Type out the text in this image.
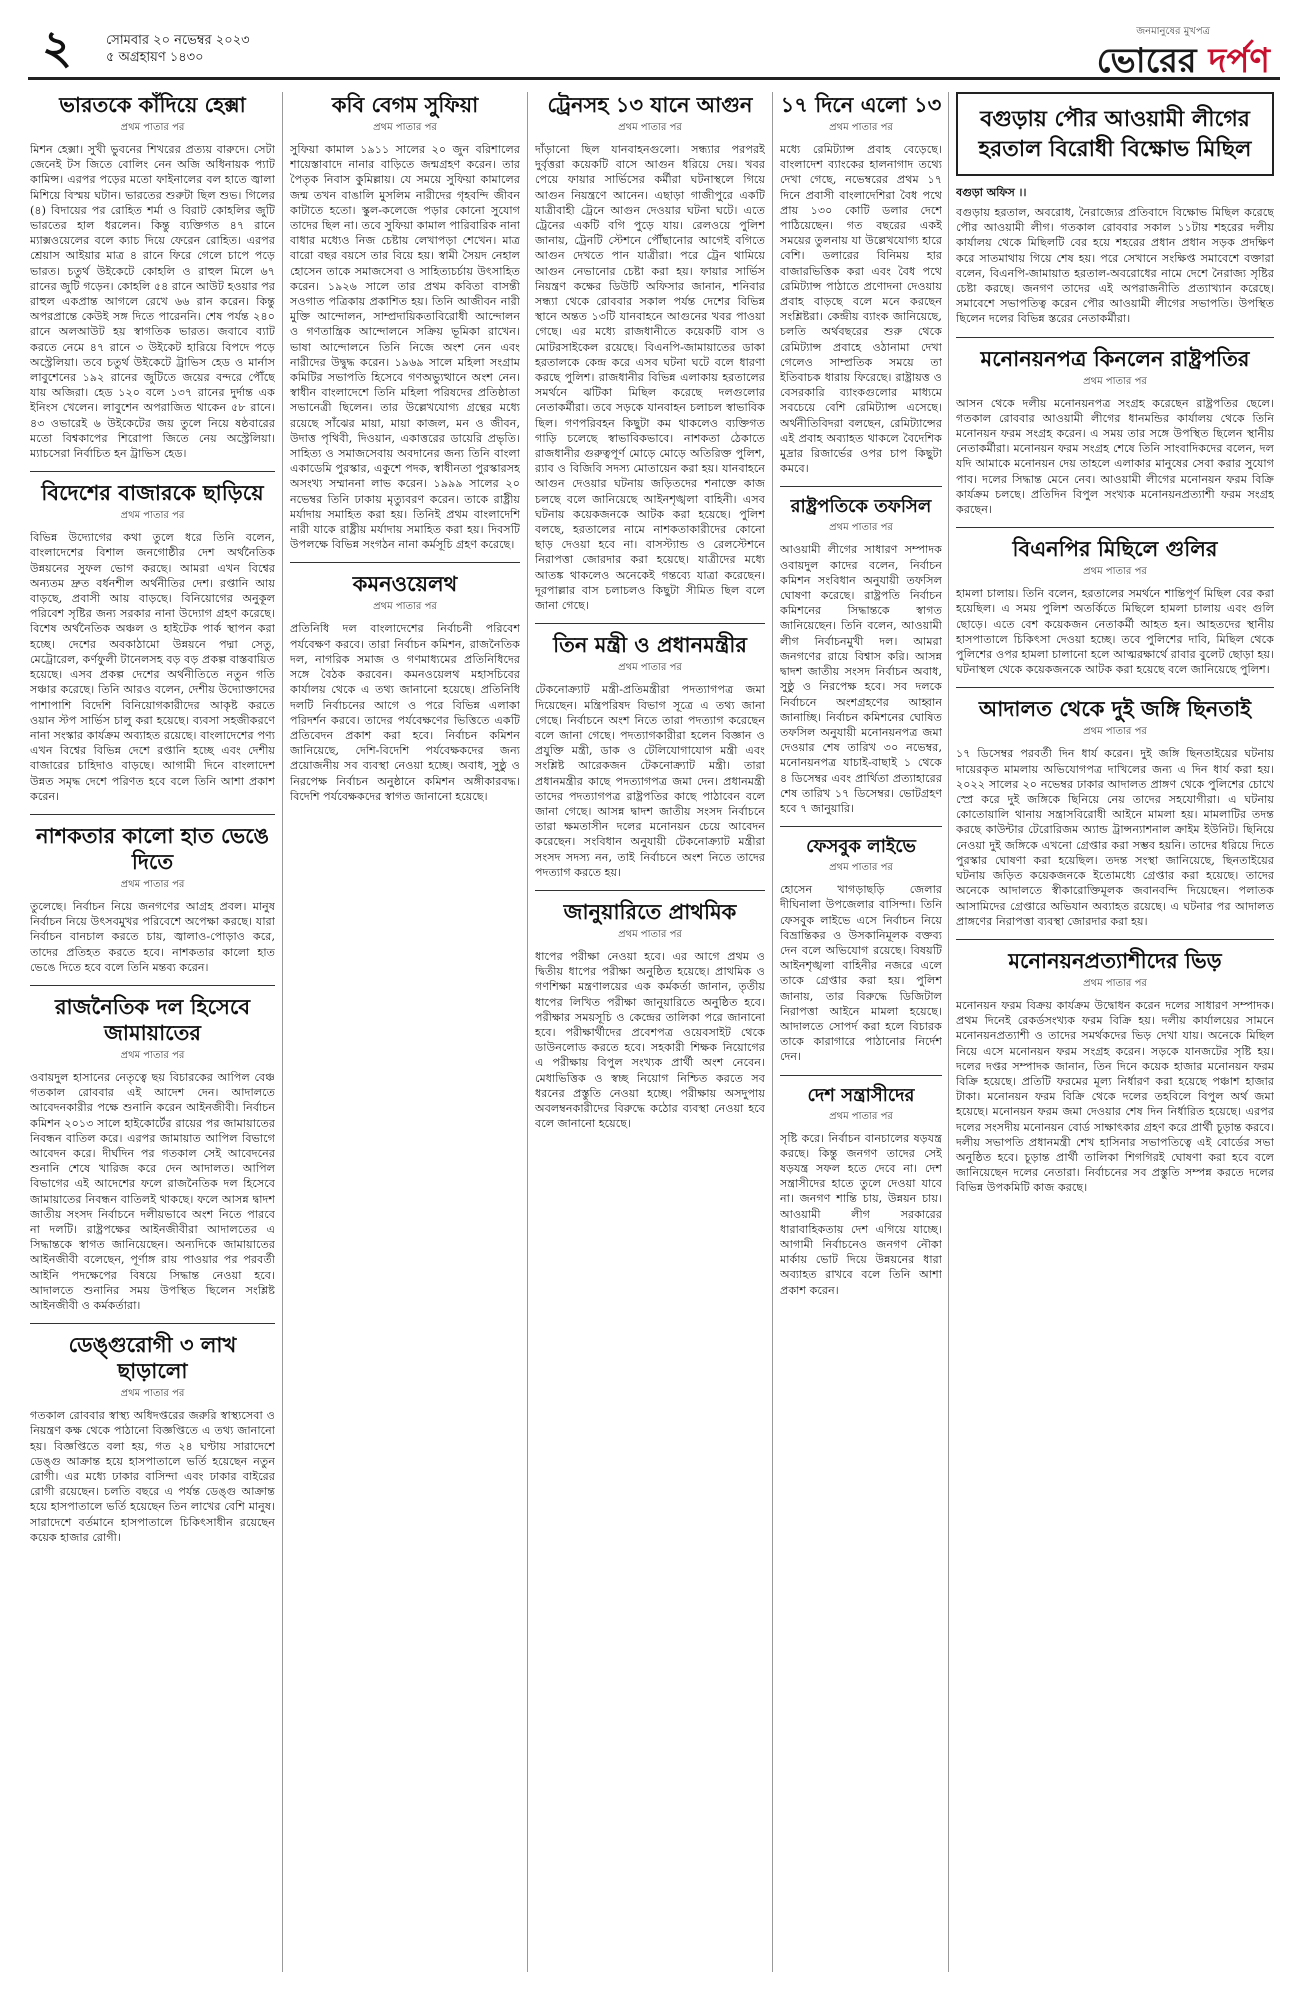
২	সোমবার ২০ নভেম্বর ২০২৩
৫ অগ্রহায়ণ ১৪৩০
জনমানুষের মুখপত্র
ভোরের দর্পণ
ভারতকে কাঁদিয়ে হেক্সা
প্রথম পাতার পর

মিশন হেক্সা। সুখী ভুবনের শিখরের প্রত্যয় বারুদে। সেটা জেনেই টস জিতে বোলিং নেন অজি অধিনায়ক প্যাট কামিন্স। এরপর পড়ের মতো ফাইনালের বল হাতে জ্বালা মিশিয়ে বিস্ময় ঘটান। ভারতের শুরুটা ছিল শুভ। গিলের (৪) বিদায়ের পর রোহিত শর্মা ও বিরাট কোহলির জুটি ভারতের হাল ধরলেন। কিন্তু ব্যক্তিগত ৪৭ রানে ম্যাক্সওয়েলের বলে ক্যাচ দিয়ে ফেরেন রোহিত। এরপর শ্রেয়াস আইয়ার মাত্র ৪ রানে ফিরে গেলে চাপে পড়ে ভারত। চতুর্থ উইকেটে কোহলি ও রাহুল মিলে ৬৭ রানের জুটি গড়েন। কোহলি ৫৪ রানে আউট হওয়ার পর রাহুল একপ্রান্ত আগলে রেখে ৬৬ রান করেন। কিন্তু অপরপ্রান্তে কেউই সঙ্গ দিতে পারেননি। শেষ পর্যন্ত ২৪০ রানে অলআউট হয় স্বাগতিক ভারত। জবাবে ব্যাট করতে নেমে ৪৭ রানে ৩ উইকেট হারিয়ে বিপদে পড়ে অস্ট্রেলিয়া। তবে চতুর্থ উইকেটে ট্রাভিস হেড ও মার্নাস লাবুশেনের ১৯২ রানের জুটিতে জয়ের বন্দরে পৌঁছে যায় অজিরা। হেড ১২০ বলে ১৩৭ রানের দুর্দান্ত এক ইনিংস খেলেন। লাবুশেন অপরাজিত থাকেন ৫৮ রানে। ৪৩ ওভারেই ৬ উইকেটের জয় তুলে নিয়ে ষষ্ঠবারের মতো বিশ্বকাপের শিরোপা জিতে নেয় অস্ট্রেলিয়া। ম্যাচসেরা নির্বাচিত হন ট্রাভিস হেড।

বিদেশের বাজারকে ছাড়িয়ে
প্রথম পাতার পর

বিভিন্ন উদ্যোগের কথা তুলে ধরে তিনি বলেন, বাংলাদেশের বিশাল জনগোষ্ঠীর দেশ অর্থনৈতিক উন্নয়নের সুফল ভোগ করছে। আমরা এখন বিশ্বের অন্যতম দ্রুত বর্ধনশীল অর্থনীতির দেশ। রপ্তানি আয় বাড়ছে, প্রবাসী আয় বাড়ছে। বিনিয়োগের অনুকূল পরিবেশ সৃষ্টির জন্য সরকার নানা উদ্যোগ গ্রহণ করেছে। বিশেষ অর্থনৈতিক অঞ্চল ও হাইটেক পার্ক স্থাপন করা হচ্ছে। দেশের অবকাঠামো উন্নয়নে পদ্মা সেতু, মেট্রোরেল, কর্ণফুলী টানেলসহ বড় বড় প্রকল্প বাস্তবায়িত হয়েছে। এসব প্রকল্প দেশের অর্থনীতিতে নতুন গতি সঞ্চার করেছে। তিনি আরও বলেন, দেশীয় উদ্যোক্তাদের পাশাপাশি বিদেশি বিনিয়োগকারীদের আকৃষ্ট করতে ওয়ান স্টপ সার্ভিস চালু করা হয়েছে। ব্যবসা সহজীকরণে নানা সংস্কার কার্যক্রম অব্যাহত রয়েছে। বাংলাদেশের পণ্য এখন বিশ্বের বিভিন্ন দেশে রপ্তানি হচ্ছে এবং দেশীয় বাজারের চাহিদাও বাড়ছে। আগামী দিনে বাংলাদেশ উন্নত সমৃদ্ধ দেশে পরিণত হবে বলে তিনি আশা প্রকাশ করেন।

নাশকতার কালো হাত ভেঙে দিতে
প্রথম পাতার পর

তুলেছে। নির্বাচন নিয়ে জনগণের আগ্রহ প্রবল। মানুষ নির্বাচন নিয়ে উৎসবমুখর পরিবেশে অপেক্ষা করছে। যারা নির্বাচন বানচাল করতে চায়, জ্বালাও-পোড়াও করে, তাদের প্রতিহত করতে হবে। নাশকতার কালো হাত ভেঙে দিতে হবে বলে তিনি মন্তব্য করেন।

রাজনৈতিক দল হিসেবে জামায়াতের
প্রথম পাতার পর

ওবায়দুল হাসানের নেতৃত্বে ছয় বিচারকের আপিল বেঞ্চ গতকাল রোববার এই আদেশ দেন। আদালতে আবেদনকারীর পক্ষে শুনানি করেন আইনজীবী। নির্বাচন কমিশন ২০১৩ সালে হাইকোর্টের রায়ের পর জামায়াতের নিবন্ধন বাতিল করে। এরপর জামায়াত আপিল বিভাগে আবেদন করে। দীর্ঘদিন পর গতকাল সেই আবেদনের শুনানি শেষে খারিজ করে দেন আদালত। আপিল বিভাগের এই আদেশের ফলে রাজনৈতিক দল হিসেবে জামায়াতের নিবন্ধন বাতিলই থাকছে। ফলে আসন্ন দ্বাদশ জাতীয় সংসদ নির্বাচনে দলীয়ভাবে অংশ নিতে পারবে না দলটি। রাষ্ট্রপক্ষের আইনজীবীরা আদালতের এ সিদ্ধান্তকে স্বাগত জানিয়েছেন। অন্যদিকে জামায়াতের আইনজীবী বলেছেন, পূর্ণাঙ্গ রায় পাওয়ার পর পরবর্তী আইনি পদক্ষেপের বিষয়ে সিদ্ধান্ত নেওয়া হবে। আদালতে শুনানির সময় উপস্থিত ছিলেন সংশ্লিষ্ট আইনজীবী ও কর্মকর্তারা।

ডেঙ্গুরোগী ৩ লাখ ছাড়ালো
প্রথম পাতার পর

গতকাল রোববার স্বাস্থ্য অধিদপ্তরের জরুরি স্বাস্থ্যসেবা ও নিয়ন্ত্রণ কক্ষ থেকে পাঠানো বিজ্ঞপ্তিতে এ তথ্য জানানো হয়। বিজ্ঞপ্তিতে বলা হয়, গত ২৪ ঘণ্টায় সারাদেশে ডেঙ্গু আক্রান্ত হয়ে হাসপাতালে ভর্তি হয়েছেন নতুন রোগী। এর মধ্যে ঢাকার বাসিন্দা এবং ঢাকার বাইরের রোগী রয়েছেন। চলতি বছরে এ পর্যন্ত ডেঙ্গু আক্রান্ত হয়ে হাসপাতালে ভর্তি হয়েছেন তিন লাখের বেশি মানুষ। সারাদেশে বর্তমানে হাসপাতালে চিকিৎসাধীন রয়েছেন কয়েক হাজার রোগী।

কবি বেগম সুফিয়া
প্রথম পাতার পর

সুফিয়া কামাল ১৯১১ সালের ২০ জুন বরিশালের শায়েস্তাবাদে নানার বাড়িতে জন্মগ্রহণ করেন। তার পৈতৃক নিবাস কুমিল্লায়। যে সময়ে সুফিয়া কামালের জন্ম তখন বাঙালি মুসলিম নারীদের গৃহবন্দি জীবন কাটাতে হতো। স্কুল-কলেজে পড়ার কোনো সুযোগ তাদের ছিল না। তবে সুফিয়া কামাল পারিবারিক নানা বাধার মধ্যেও নিজ চেষ্টায় লেখাপড়া শেখেন। মাত্র বারো বছর বয়সে তার বিয়ে হয়। স্বামী সৈয়দ নেহাল হোসেন তাকে সমাজসেবা ও সাহিত্যচর্চায় উৎসাহিত করেন। ১৯২৬ সালে তার প্রথম কবিতা বাসন্তী সওগাত পত্রিকায় প্রকাশিত হয়। তিনি আজীবন নারী মুক্তি আন্দোলন, সাম্প্রদায়িকতাবিরোধী আন্দোলন ও গণতান্ত্রিক আন্দোলনে সক্রিয় ভূমিকা রাখেন। ভাষা আন্দোলনে তিনি নিজে অংশ নেন এবং নারীদের উদ্বুদ্ধ করেন। ১৯৬৯ সালে মহিলা সংগ্রাম কমিটির সভাপতি হিসেবে গণঅভ্যুত্থানে অংশ নেন। স্বাধীন বাংলাদেশে তিনি মহিলা পরিষদের প্রতিষ্ঠাতা সভানেত্রী ছিলেন। তার উল্লেখযোগ্য গ্রন্থের মধ্যে রয়েছে সাঁঝের মায়া, মায়া কাজল, মন ও জীবন, উদাত্ত পৃথিবী, দিওয়ান, একাত্তরের ডায়েরি প্রভৃতি। সাহিত্য ও সমাজসেবায় অবদানের জন্য তিনি বাংলা একাডেমি পুরস্কার, একুশে পদক, স্বাধীনতা পুরস্কারসহ অসংখ্য সম্মাননা লাভ করেন। ১৯৯৯ সালের ২০ নভেম্বর তিনি ঢাকায় মৃত্যুবরণ করেন। তাকে রাষ্ট্রীয় মর্যাদায় সমাহিত করা হয়। তিনিই প্রথম বাংলাদেশি নারী যাকে রাষ্ট্রীয় মর্যাদায় সমাহিত করা হয়। দিবসটি উপলক্ষে বিভিন্ন সংগঠন নানা কর্মসূচি গ্রহণ করেছে।

কমনওয়েলথ
প্রথম পাতার পর

প্রতিনিধি দল বাংলাদেশের নির্বাচনী পরিবেশ পর্যবেক্ষণ করবে। তারা নির্বাচন কমিশন, রাজনৈতিক দল, নাগরিক সমাজ ও গণমাধ্যমের প্রতিনিধিদের সঙ্গে বৈঠক করবেন। কমনওয়েলথ মহাসচিবের কার্যালয় থেকে এ তথ্য জানানো হয়েছে। প্রতিনিধি দলটি নির্বাচনের আগে ও পরে বিভিন্ন এলাকা পরিদর্শন করবে। তাদের পর্যবেক্ষণের ভিত্তিতে একটি প্রতিবেদন প্রকাশ করা হবে। নির্বাচন কমিশন জানিয়েছে, দেশি-বিদেশি পর্যবেক্ষকদের জন্য প্রয়োজনীয় সব ব্যবস্থা নেওয়া হচ্ছে। অবাধ, সুষ্ঠু ও নিরপেক্ষ নির্বাচন অনুষ্ঠানে কমিশন অঙ্গীকারবদ্ধ। বিদেশি পর্যবেক্ষকদের স্বাগত জানানো হয়েছে।

ট্রেনসহ ১৩ যানে আগুন
প্রথম পাতার পর

দাঁড়ানো ছিল যানবাহনগুলো। সন্ধ্যার পরপরই দুর্বৃত্তরা কয়েকটি বাসে আগুন ধরিয়ে দেয়। খবর পেয়ে ফায়ার সার্ভিসের কর্মীরা ঘটনাস্থলে গিয়ে আগুন নিয়ন্ত্রণে আনেন। এছাড়া গাজীপুরে একটি যাত্রীবাহী ট্রেনে আগুন দেওয়ার ঘটনা ঘটে। এতে ট্রেনের একটি বগি পুড়ে যায়। রেলওয়ে পুলিশ জানায়, ট্রেনটি স্টেশনে পৌঁছানোর আগেই বগিতে আগুন দেখতে পান যাত্রীরা। পরে ট্রেন থামিয়ে আগুন নেভানোর চেষ্টা করা হয়। ফায়ার সার্ভিস নিয়ন্ত্রণ কক্ষের ডিউটি অফিসার জানান, শনিবার সন্ধ্যা থেকে রোববার সকাল পর্যন্ত দেশের বিভিন্ন স্থানে অন্তত ১৩টি যানবাহনে আগুনের খবর পাওয়া গেছে। এর মধ্যে রাজধানীতে কয়েকটি বাস ও মোটরসাইকেল রয়েছে। বিএনপি-জামায়াতের ডাকা হরতালকে কেন্দ্র করে এসব ঘটনা ঘটে বলে ধারণা করছে পুলিশ। রাজধানীর বিভিন্ন এলাকায় হরতালের সমর্থনে ঝটিকা মিছিল করেছে দলগুলোর নেতাকর্মীরা। তবে সড়কে যানবাহন চলাচল স্বাভাবিক ছিল। গণপরিবহন কিছুটা কম থাকলেও ব্যক্তিগত গাড়ি চলেছে স্বাভাবিকভাবে। নাশকতা ঠেকাতে রাজধানীর গুরুত্বপূর্ণ মোড়ে মোড়ে অতিরিক্ত পুলিশ, র‌্যাব ও বিজিবি সদস্য মোতায়েন করা হয়। যানবাহনে আগুন দেওয়ার ঘটনায় জড়িতদের শনাক্তে কাজ চলছে বলে জানিয়েছে আইনশৃঙ্খলা বাহিনী। এসব ঘটনায় কয়েকজনকে আটক করা হয়েছে। পুলিশ বলছে, হরতালের নামে নাশকতাকারীদের কোনো ছাড় দেওয়া হবে না। বাসস্ট্যান্ড ও রেলস্টেশনে নিরাপত্তা জোরদার করা হয়েছে। যাত্রীদের মধ্যে আতঙ্ক থাকলেও অনেকেই গন্তব্যে যাত্রা করেছেন। দূরপাল্লার বাস চলাচলও কিছুটা সীমিত ছিল বলে জানা গেছে।

তিন মন্ত্রী ও প্রধানমন্ত্রীর
প্রথম পাতার পর

টেকনোক্র্যাট মন্ত্রী-প্রতিমন্ত্রীরা পদত্যাগপত্র জমা দিয়েছেন। মন্ত্রিপরিষদ বিভাগ সূত্রে এ তথ্য জানা গেছে। নির্বাচনে অংশ নিতে তারা পদত্যাগ করেছেন বলে জানা গেছে। পদত্যাগকারীরা হলেন বিজ্ঞান ও প্রযুক্তি মন্ত্রী, ডাক ও টেলিযোগাযোগ মন্ত্রী এবং সংশ্লিষ্ট আরেকজন টেকনোক্র্যাট মন্ত্রী। তারা প্রধানমন্ত্রীর কাছে পদত্যাগপত্র জমা দেন। প্রধানমন্ত্রী তাদের পদত্যাগপত্র রাষ্ট্রপতির কাছে পাঠাবেন বলে জানা গেছে। আসন্ন দ্বাদশ জাতীয় সংসদ নির্বাচনে তারা ক্ষমতাসীন দলের মনোনয়ন চেয়ে আবেদন করেছেন। সংবিধান অনুযায়ী টেকনোক্র্যাট মন্ত্রীরা সংসদ সদস্য নন, তাই নির্বাচনে অংশ নিতে তাদের পদত্যাগ করতে হয়।

জানুয়ারিতে প্রাথমিক
প্রথম পাতার পর

ধাপের পরীক্ষা নেওয়া হবে। এর আগে প্রথম ও দ্বিতীয় ধাপের পরীক্ষা অনুষ্ঠিত হয়েছে। প্রাথমিক ও গণশিক্ষা মন্ত্রণালয়ের এক কর্মকর্তা জানান, তৃতীয় ধাপের লিখিত পরীক্ষা জানুয়ারিতে অনুষ্ঠিত হবে। পরীক্ষার সময়সূচি ও কেন্দ্রের তালিকা পরে জানানো হবে। পরীক্ষার্থীদের প্রবেশপত্র ওয়েবসাইট থেকে ডাউনলোড করতে হবে। সহকারী শিক্ষক নিয়োগের এ পরীক্ষায় বিপুল সংখ্যক প্রার্থী অংশ নেবেন। মেধাভিত্তিক ও স্বচ্ছ নিয়োগ নিশ্চিত করতে সব ধরনের প্রস্তুতি নেওয়া হচ্ছে। পরীক্ষায় অসদুপায় অবলম্বনকারীদের বিরুদ্ধে কঠোর ব্যবস্থা নেওয়া হবে বলে জানানো হয়েছে।

১৭ দিনে এলো ১৩
প্রথম পাতার পর

মধ্যে রেমিট্যান্স প্রবাহ বেড়েছে। বাংলাদেশ ব্যাংকের হালনাগাদ তথ্যে দেখা গেছে, নভেম্বরের প্রথম ১৭ দিনে প্রবাসী বাংলাদেশিরা বৈধ পথে প্রায় ১৩০ কোটি ডলার দেশে পাঠিয়েছেন। গত বছরের একই সময়ের তুলনায় যা উল্লেখযোগ্য হারে বেশি। ডলারের বিনিময় হার বাজারভিত্তিক করা এবং বৈধ পথে রেমিট্যান্স পাঠাতে প্রণোদনা দেওয়ায় প্রবাহ বাড়ছে বলে মনে করছেন সংশ্লিষ্টরা। কেন্দ্রীয় ব্যাংক জানিয়েছে, চলতি অর্থবছরের শুরু থেকে রেমিট্যান্স প্রবাহে ওঠানামা দেখা গেলেও সাম্প্রতিক সময়ে তা ইতিবাচক ধারায় ফিরেছে। রাষ্ট্রায়ত্ত ও বেসরকারি ব্যাংকগুলোর মাধ্যমে সবচেয়ে বেশি রেমিট্যান্স এসেছে। অর্থনীতিবিদরা বলছেন, রেমিট্যান্সের এই প্রবাহ অব্যাহত থাকলে বৈদেশিক মুদ্রার রিজার্ভের ওপর চাপ কিছুটা কমবে।

রাষ্ট্রপতিকে তফসিল
প্রথম পাতার পর

আওয়ামী লীগের সাধারণ সম্পাদক ওবায়দুল কাদের বলেন, নির্বাচন কমিশন সংবিধান অনুযায়ী তফসিল ঘোষণা করেছে। রাষ্ট্রপতি নির্বাচন কমিশনের সিদ্ধান্তকে স্বাগত জানিয়েছেন। তিনি বলেন, আওয়ামী লীগ নির্বাচনমুখী দল। আমরা জনগণের রায়ে বিশ্বাস করি। আসন্ন দ্বাদশ জাতীয় সংসদ নির্বাচন অবাধ, সুষ্ঠু ও নিরপেক্ষ হবে। সব দলকে নির্বাচনে অংশগ্রহণের আহ্বান জানাচ্ছি। নির্বাচন কমিশনের ঘোষিত তফসিল অনুযায়ী মনোনয়নপত্র জমা দেওয়ার শেষ তারিখ ৩০ নভেম্বর, মনোনয়নপত্র যাচাই-বাছাই ১ থেকে ৪ ডিসেম্বর এবং প্রার্থিতা প্রত্যাহারের শেষ তারিখ ১৭ ডিসেম্বর। ভোটগ্রহণ হবে ৭ জানুয়ারি।

ফেসবুক লাইভে
প্রথম পাতার পর

হোসেন খাগড়াছড়ি জেলার দীঘিনালা উপজেলার বাসিন্দা। তিনি ফেসবুক লাইভে এসে নির্বাচন নিয়ে বিভ্রান্তিকর ও উসকানিমূলক বক্তব্য দেন বলে অভিযোগ রয়েছে। বিষয়টি আইনশৃঙ্খলা বাহিনীর নজরে এলে তাকে গ্রেপ্তার করা হয়। পুলিশ জানায়, তার বিরুদ্ধে ডিজিটাল নিরাপত্তা আইনে মামলা হয়েছে। আদালতে সোপর্দ করা হলে বিচারক তাকে কারাগারে পাঠানোর নির্দেশ দেন।

দেশ সন্ত্রাসীদের
প্রথম পাতার পর

সৃষ্টি করে। নির্বাচন বানচালের ষড়যন্ত্র করছে। কিন্তু জনগণ তাদের সেই ষড়যন্ত্র সফল হতে দেবে না। দেশ সন্ত্রাসীদের হাতে তুলে দেওয়া যাবে না। জনগণ শান্তি চায়, উন্নয়ন চায়। আওয়ামী লীগ সরকারের ধারাবাহিকতায় দেশ এগিয়ে যাচ্ছে। আগামী নির্বাচনেও জনগণ নৌকা মার্কায় ভোট দিয়ে উন্নয়নের ধারা অব্যাহত রাখবে বলে তিনি আশা প্রকাশ করেন।

বগুড়ায় পৌর আওয়ামী লীগের হরতাল বিরোধী বিক্ষোভ মিছিল
বগুড়া অফিস ।।

বগুড়ায় হরতাল, অবরোধ, নৈরাজ্যের প্রতিবাদে বিক্ষোভ মিছিল করেছে পৌর আওয়ামী লীগ। গতকাল রোববার সকাল ১১টায় শহরের দলীয় কার্যালয় থেকে মিছিলটি বের হয়ে শহরের প্রধান প্রধান সড়ক প্রদক্ষিণ করে সাতমাথায় গিয়ে শেষ হয়। পরে সেখানে সংক্ষিপ্ত সমাবেশে বক্তারা বলেন, বিএনপি-জামায়াত হরতাল-অবরোধের নামে দেশে নৈরাজ্য সৃষ্টির চেষ্টা করছে। জনগণ তাদের এই অপরাজনীতি প্রত্যাখ্যান করেছে। সমাবেশে সভাপতিত্ব করেন পৌর আওয়ামী লীগের সভাপতি। উপস্থিত ছিলেন দলের বিভিন্ন স্তরের নেতাকর্মীরা।

মনোনয়নপত্র কিনলেন রাষ্ট্রপতির
প্রথম পাতার পর

আসন থেকে দলীয় মনোনয়নপত্র সংগ্রহ করেছেন রাষ্ট্রপতির ছেলে। গতকাল রোববার আওয়ামী লীগের ধানমন্ডির কার্যালয় থেকে তিনি মনোনয়ন ফরম সংগ্রহ করেন। এ সময় তার সঙ্গে উপস্থিত ছিলেন স্থানীয় নেতাকর্মীরা। মনোনয়ন ফরম সংগ্রহ শেষে তিনি সাংবাদিকদের বলেন, দল যদি আমাকে মনোনয়ন দেয় তাহলে এলাকার মানুষের সেবা করার সুযোগ পাব। দলের সিদ্ধান্ত মেনে নেব। আওয়ামী লীগের মনোনয়ন ফরম বিক্রি কার্যক্রম চলছে। প্রতিদিন বিপুল সংখ্যক মনোনয়নপ্রত্যাশী ফরম সংগ্রহ করছেন।

বিএনপির মিছিলে গুলির
প্রথম পাতার পর

হামলা চালায়। তিনি বলেন, হরতালের সমর্থনে শান্তিপূর্ণ মিছিল বের করা হয়েছিল। এ সময় পুলিশ অতর্কিতে মিছিলে হামলা চালায় এবং গুলি ছোড়ে। এতে বেশ কয়েকজন নেতাকর্মী আহত হন। আহতদের স্থানীয় হাসপাতালে চিকিৎসা দেওয়া হচ্ছে। তবে পুলিশের দাবি, মিছিল থেকে পুলিশের ওপর হামলা চালানো হলে আত্মরক্ষার্থে রাবার বুলেট ছোড়া হয়। ঘটনাস্থল থেকে কয়েকজনকে আটক করা হয়েছে বলে জানিয়েছে পুলিশ।

আদালত থেকে দুই জঙ্গি ছিনতাই
প্রথম পাতার পর

১৭ ডিসেম্বর পরবর্তী দিন ধার্য করেন। দুই জঙ্গি ছিনতাইয়ের ঘটনায় দায়েরকৃত মামলায় অভিযোগপত্র দাখিলের জন্য এ দিন ধার্য করা হয়। ২০২২ সালের ২০ নভেম্বর ঢাকার আদালত প্রাঙ্গণ থেকে পুলিশের চোখে স্প্রে করে দুই জঙ্গিকে ছিনিয়ে নেয় তাদের সহযোগীরা। এ ঘটনায় কোতোয়ালি থানায় সন্ত্রাসবিরোধী আইনে মামলা হয়। মামলাটির তদন্ত করছে কাউন্টার টেরোরিজম অ্যান্ড ট্রান্সন্যাশনাল ক্রাইম ইউনিট। ছিনিয়ে নেওয়া দুই জঙ্গিকে এখনো গ্রেপ্তার করা সম্ভব হয়নি। তাদের ধরিয়ে দিতে পুরস্কার ঘোষণা করা হয়েছিল। তদন্ত সংস্থা জানিয়েছে, ছিনতাইয়ের ঘটনায় জড়িত কয়েকজনকে ইতোমধ্যে গ্রেপ্তার করা হয়েছে। তাদের অনেকে আদালতে স্বীকারোক্তিমূলক জবানবন্দি দিয়েছেন। পলাতক আসামিদের গ্রেপ্তারে অভিযান অব্যাহত রয়েছে। এ ঘটনার পর আদালত প্রাঙ্গণের নিরাপত্তা ব্যবস্থা জোরদার করা হয়।

মনোনয়নপ্রত্যাশীদের ভিড়
প্রথম পাতার পর

মনোনয়ন ফরম বিক্রয় কার্যক্রম উদ্বোধন করেন দলের সাধারণ সম্পাদক। প্রথম দিনেই রেকর্ডসংখ্যক ফরম বিক্রি হয়। দলীয় কার্যালয়ের সামনে মনোনয়নপ্রত্যাশী ও তাদের সমর্থকদের ভিড় দেখা যায়। অনেকে মিছিল নিয়ে এসে মনোনয়ন ফরম সংগ্রহ করেন। সড়কে যানজটের সৃষ্টি হয়। দলের দপ্তর সম্পাদক জানান, তিন দিনে কয়েক হাজার মনোনয়ন ফরম বিক্রি হয়েছে। প্রতিটি ফরমের মূল্য নির্ধারণ করা হয়েছে পঞ্চাশ হাজার টাকা। মনোনয়ন ফরম বিক্রি থেকে দলের তহবিলে বিপুল অর্থ জমা হয়েছে। মনোনয়ন ফরম জমা দেওয়ার শেষ দিন নির্ধারিত হয়েছে। এরপর দলের সংসদীয় মনোনয়ন বোর্ড সাক্ষাৎকার গ্রহণ করে প্রার্থী চূড়ান্ত করবে। দলীয় সভাপতি প্রধানমন্ত্রী শেখ হাসিনার সভাপতিত্বে এই বোর্ডের সভা অনুষ্ঠিত হবে। চূড়ান্ত প্রার্থী তালিকা শিগগিরই ঘোষণা করা হবে বলে জানিয়েছেন দলের নেতারা। নির্বাচনের সব প্রস্তুতি সম্পন্ন করতে দলের বিভিন্ন উপকমিটি কাজ করছে।
